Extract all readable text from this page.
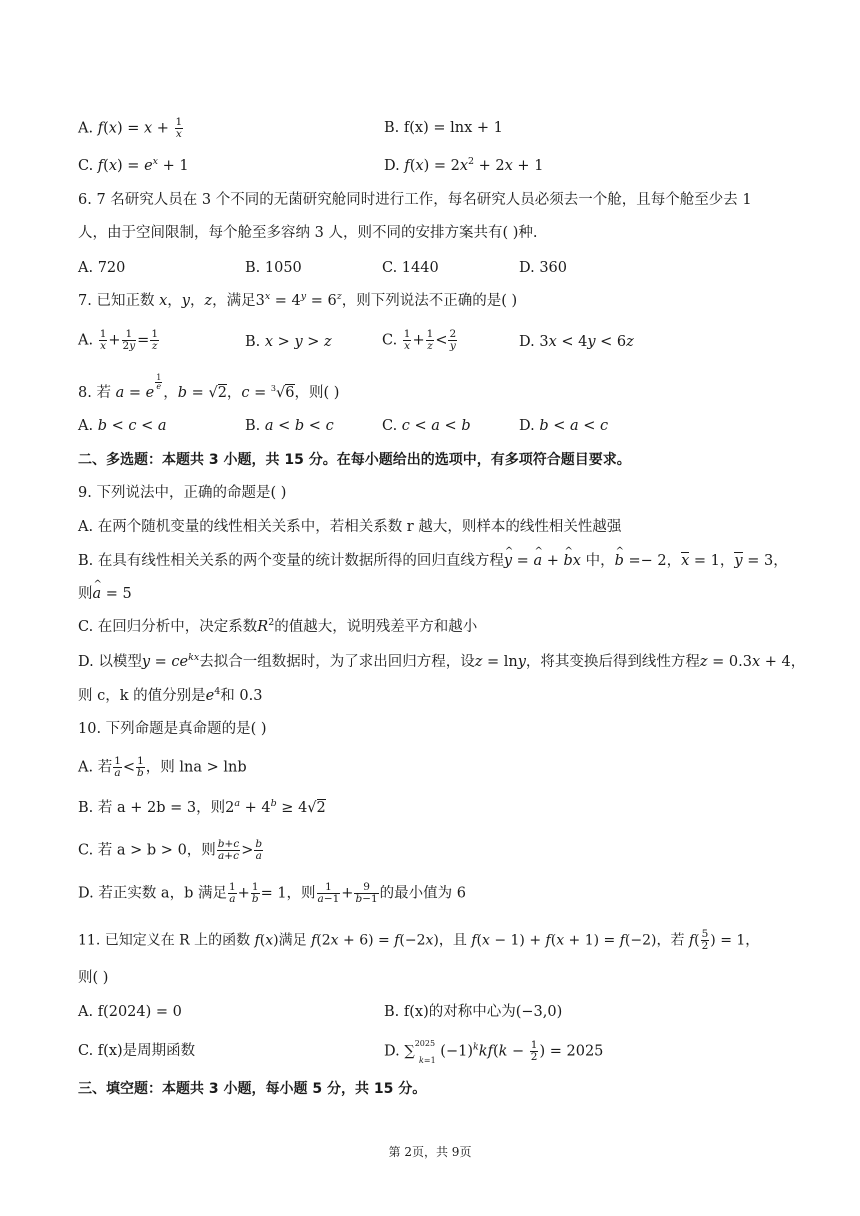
A. $f(x) = x + \frac{1}{x}$	B. f(x) = lnx + 1
C. $f(x) = e^x + 1$	D. $f(x) = 2x^2 + 2x + 1$
6. 7 名研究人员在 3 个不同的无菌研究舱同时进行工作，每名研究人员必须去一个舱，且每个舱至少去 1
人，由于空间限制，每个舱至多容纳 3 人，则不同的安排方案共有( )种.
A. 720	B. 1050	C. 1440	D. 360
7. 已知正数 x，y，z，满足$3^x = 4^y = 6^z$，则下列说法不正确的是( )
A. $\frac{1}{x} + \frac{1}{2y} = \frac{1}{z}$	B. x > y > z	C. $\frac{1}{x} + \frac{1}{z} < \frac{2}{y}$	D. 3x < 4y < 6z
8. 若 a = e
$^{\frac{1}{e}}$
，b = √2，c = $^3$√6，则( )
A. b < c < a	B. a < b < c	C. c < a < b	D. b < a < c
二、多选题：本题共 3 小题，共 15 分。在每小题给出的选项中，有多项符合题目要求。
9. 下列说法中，正确的命题是( )
A. 在两个随机变量的线性相关关系中，若相关系数 r 越大，则样本的线性相关性越强
B. 在具有线性相关关系的两个变量的统计数据所得的回归直线方程^ y = ^ a + ^ bx 中，^ b =− 2，x = 1，y = 3，
则^ a = 5
C. 在回归分析中，决定系数$R^2$的值越大，说明残差平方和越小
D. 以模型$y = ce^{kx}$去拟合一组数据时，为了求出回归方程，设z = lny，将其变换后得到线性方程z = 0.3x + 4，
则 c，k 的值分别是$e^4$和 0.3
10. 下列命题是真命题的是( )
A. 若 $\frac{1}{a} < \frac{1}{b}$ ，则 lna > lnb
B. 若 a + 2b = 3，则$2^a + 4^b \ge 4√2$
C. 若 a > b > 0，则 $\frac{b+c}{a+c} > \frac{b}{a}$
D. 若正实数 a，b 满足 $\frac{1}{a} + \frac{1}{b} = 1$，则 $\frac{1}{a-1} + \frac{9}{b-1}$ 的最小值为 6
11. 已知定义在 R 上的函数 f(x)满足 f(2x + 6) = f(−2x)，且 f(x − 1) + f(x + 1) = f(−2)，若 $f( \frac{5}{2}$ ) = 1，
则( )
A. f(2024) = 0	B. f(x)的对称中心为(−3,0)
C. f(x)是周期函数	D. ∑$^{2025}_{k=1}$ $(-1)^kkf(k - \frac{1}{2}$ ) = 2025
三、填空题：本题共 3 小题，每小题 5 分，共 15 分。
第 2页，共 9页
